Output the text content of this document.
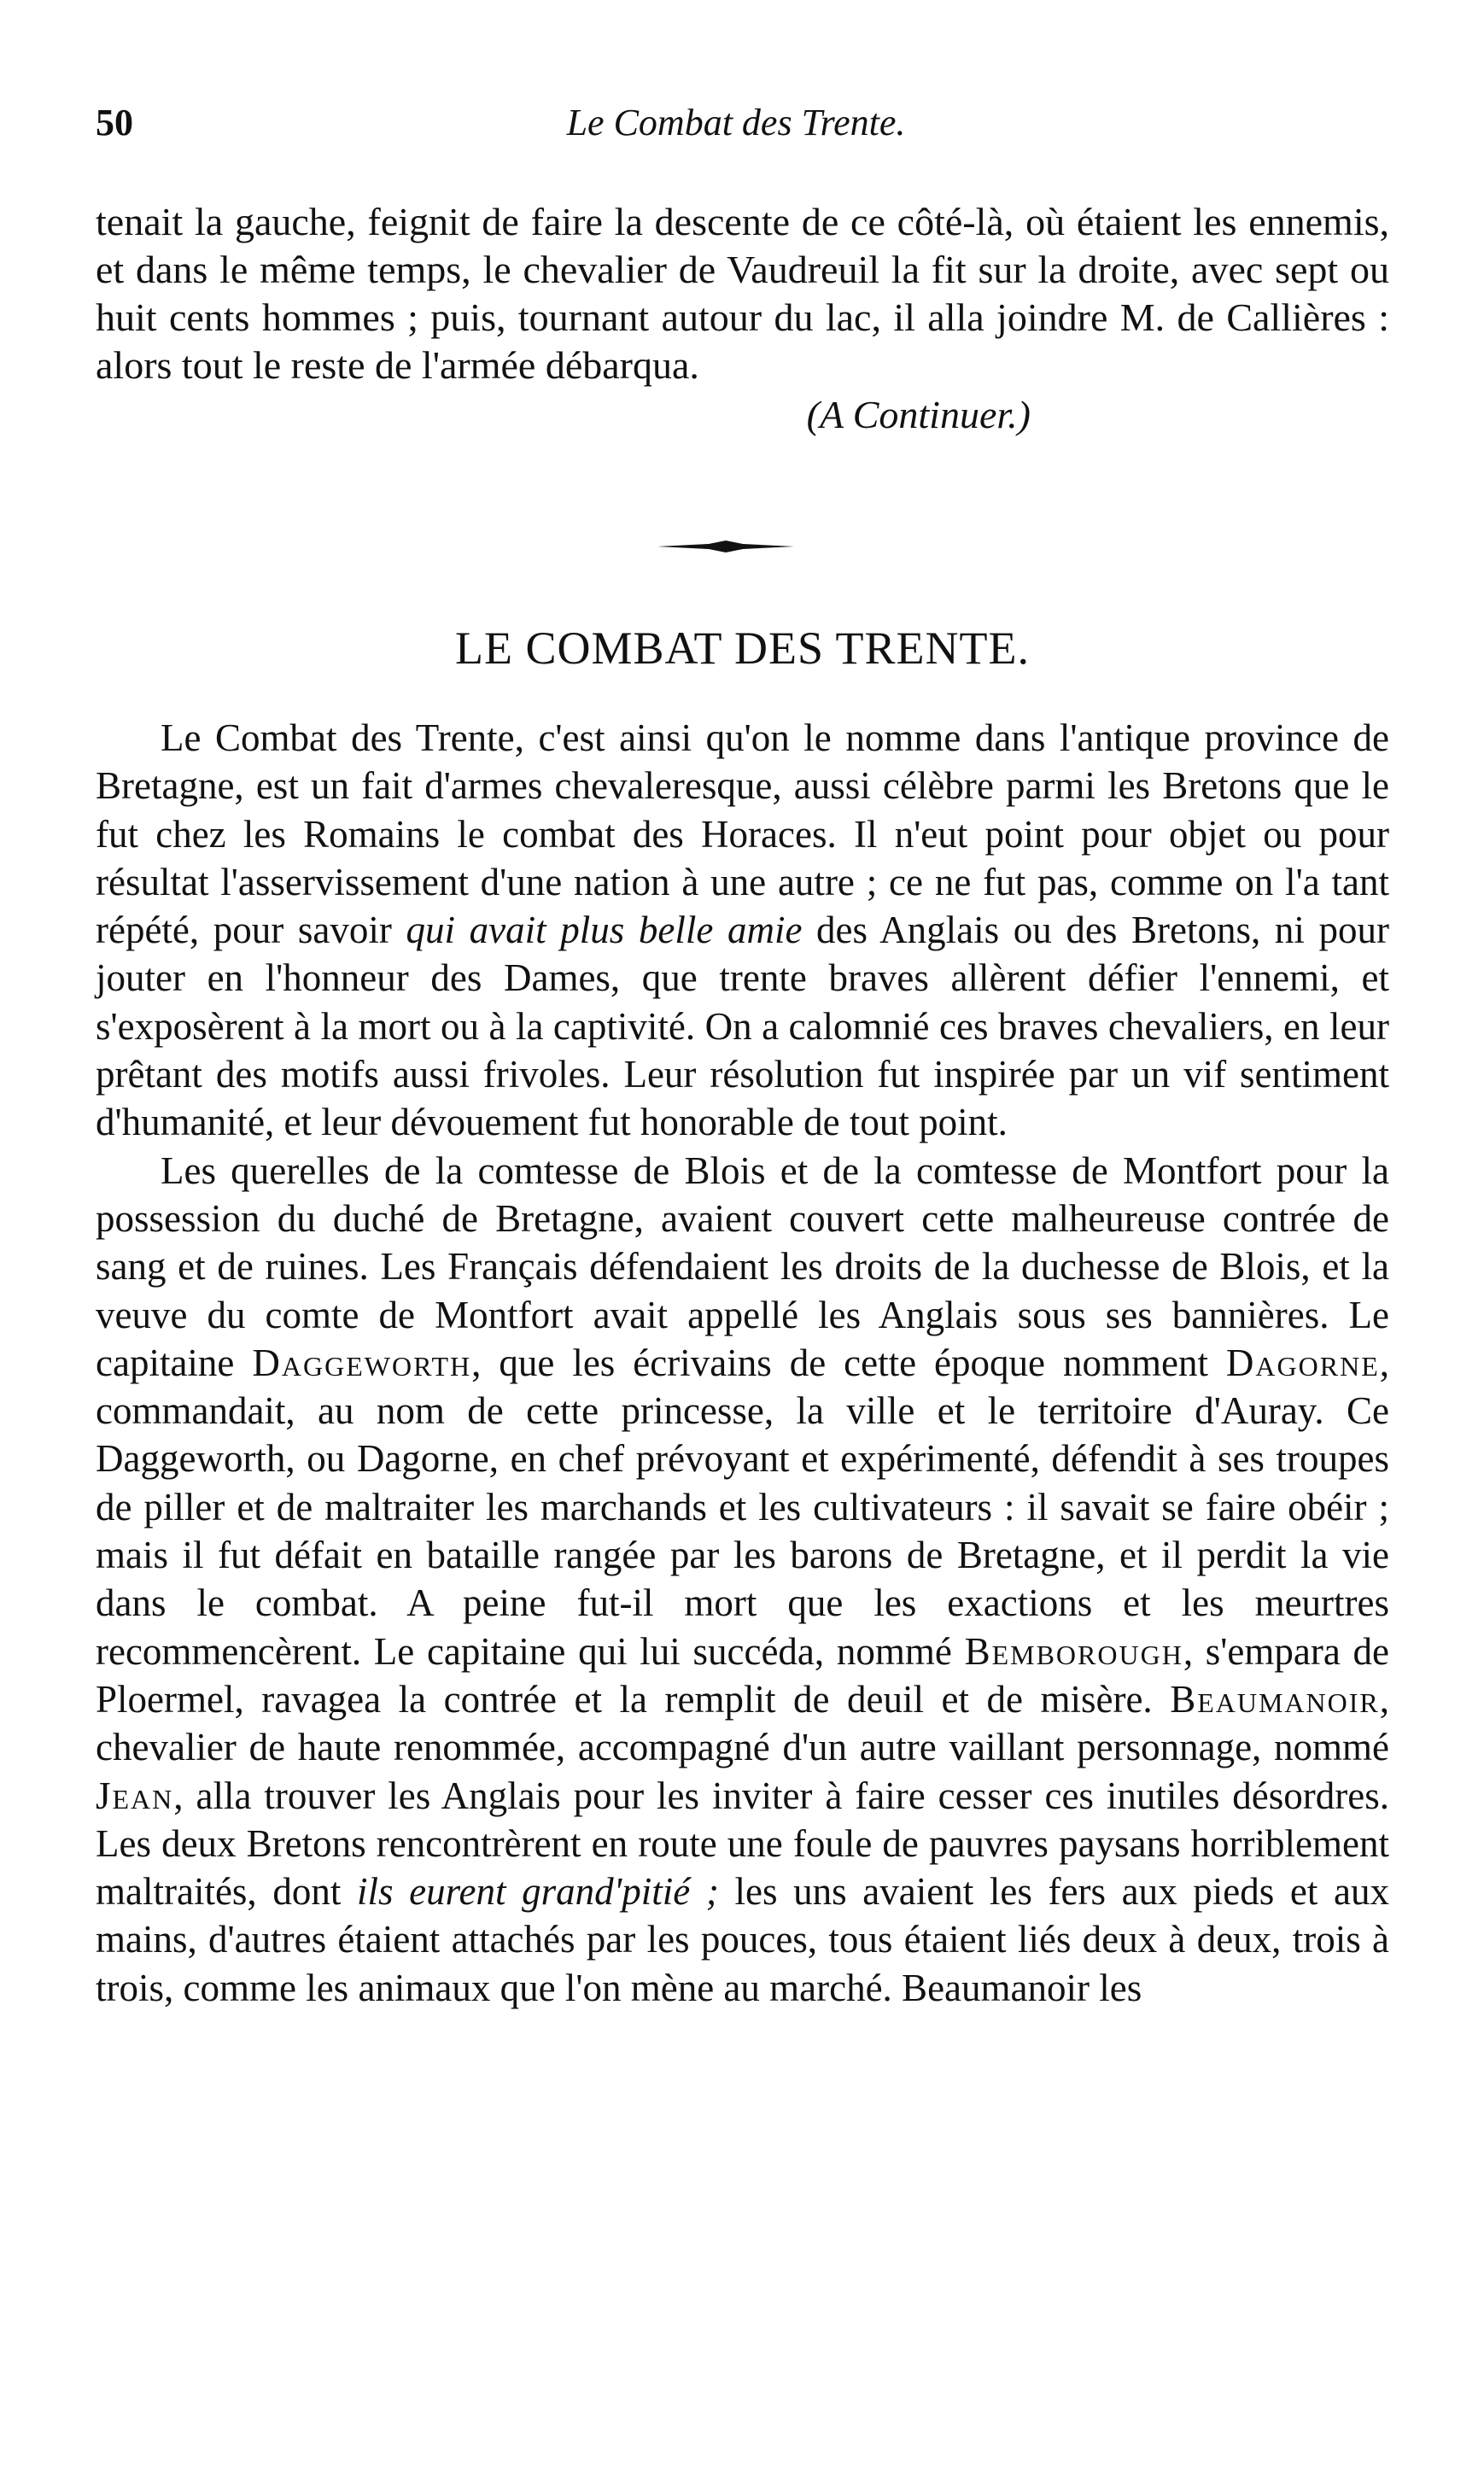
50	Le Combat des Trente.

tenait la gauche, feignit de faire la descente de ce côté-là, où étaient les ennemis, et dans le même temps, le chevalier de Vaudreuil la fit sur la droite, avec sept ou huit cents hommes ; puis, tournant autour du lac, il alla joindre M. de Callières : alors tout le reste de l'armée débarqua.

(A Continuer.)
LE COMBAT DES TRENTE.

Le Combat des Trente, c'est ainsi qu'on le nomme dans l'antique province de Bretagne, est un fait d'armes chevaleresque, aussi célèbre parmi les Bretons que le fut chez les Romains le combat des Horaces. Il n'eut point pour objet ou pour résultat l'asservissement d'une nation à une autre ; ce ne fut pas, comme on l'a tant répété, pour savoir qui avait plus belle amie des Anglais ou des Bretons, ni pour jouter en l'honneur des Dames, que trente braves allèrent défier l'ennemi, et s'exposèrent à la mort ou à la captivité. On a calomnié ces braves chevaliers, en leur prêtant des motifs aussi frivoles. Leur résolution fut inspirée par un vif sentiment d'humanité, et leur dévouement fut honorable de tout point.

Les querelles de la comtesse de Blois et de la comtesse de Montfort pour la possession du duché de Bretagne, avaient couvert cette malheureuse contrée de sang et de ruines. Les Français défendaient les droits de la duchesse de Blois, et la veuve du comte de Montfort avait appellé les Anglais sous ses bannières. Le capitaine Daggeworth, que les écrivains de cette époque nomment Dagorne, commandait, au nom de cette princesse, la ville et le territoire d'Auray. Ce Daggeworth, ou Dagorne, en chef prévoyant et expérimenté, défendit à ses troupes de piller et de maltraiter les marchands et les cultivateurs : il savait se faire obéir ; mais il fut défait en bataille rangée par les barons de Bretagne, et il perdit la vie dans le combat. A peine fut-il mort que les exactions et les meurtres recommencèrent. Le capitaine qui lui succéda, nommé Bemborough, s'empara de Ploermel, ravagea la contrée et la remplit de deuil et de misère. Beaumanoir, chevalier de haute renommée, accompagné d'un autre vaillant personnage, nommé Jean, alla trouver les Anglais pour les inviter à faire cesser ces inutiles désordres. Les deux Bretons rencontrèrent en route une foule de pauvres paysans horriblement maltraités, dont ils eurent grand'pitié ; les uns avaient les fers aux pieds et aux mains, d'autres étaient attachés par les pouces, tous étaient liés deux à deux, trois à trois, comme les animaux que l'on mène au marché. Beaumanoir les
